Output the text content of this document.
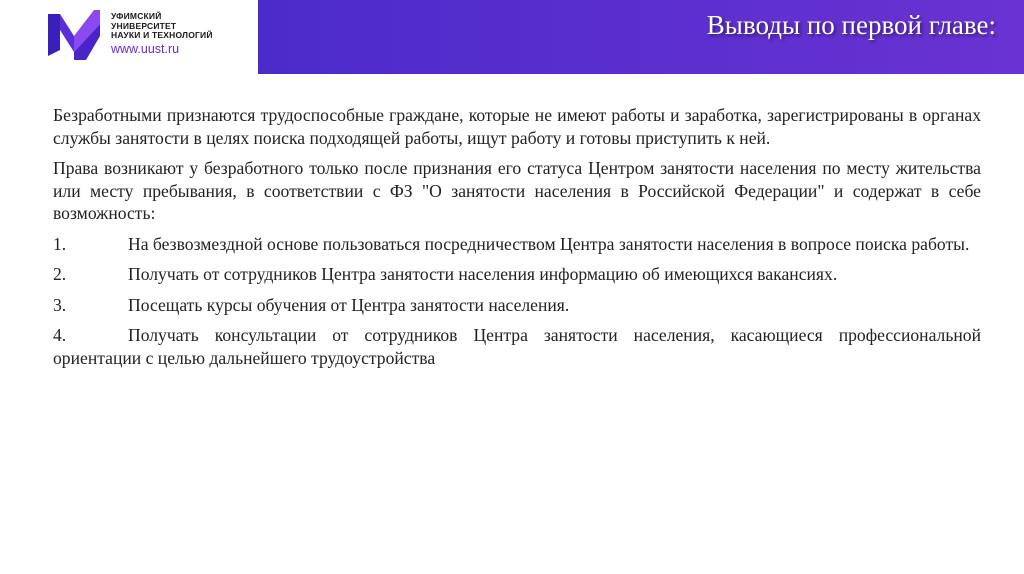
УФИМСКИЙ
УНИВЕРСИТЕТ
НАУКИ И ТЕХНОЛОГИЙ
www.uust.ru
Выводы по первой главе:

Безработными признаются трудоспособные граждане, которые не имеют работы и заработка, зарегистрированы в органах службы занятости в целях поиска подходящей работы, ищут работу и готовы приступить к ней.

Права возникают у безработного только после признания его статуса Центром занятости населения по месту жительства или месту пребывания, в соответствии с ФЗ "О занятости населения в Российской Федерации" и содержат в себе возможность:

1.	На безвозмездной основе пользоваться посредничеством Центра занятости населения в вопросе поиска работы.

2.	Получать от сотрудников Центра занятости населения информацию об имеющихся вакансиях.

3.	Посещать курсы обучения от Центра занятости населения.

4.	Получать консультации от сотрудников Центра занятости населения, касающиеся профессиональной ориентации с целью дальнейшего трудоустройства
